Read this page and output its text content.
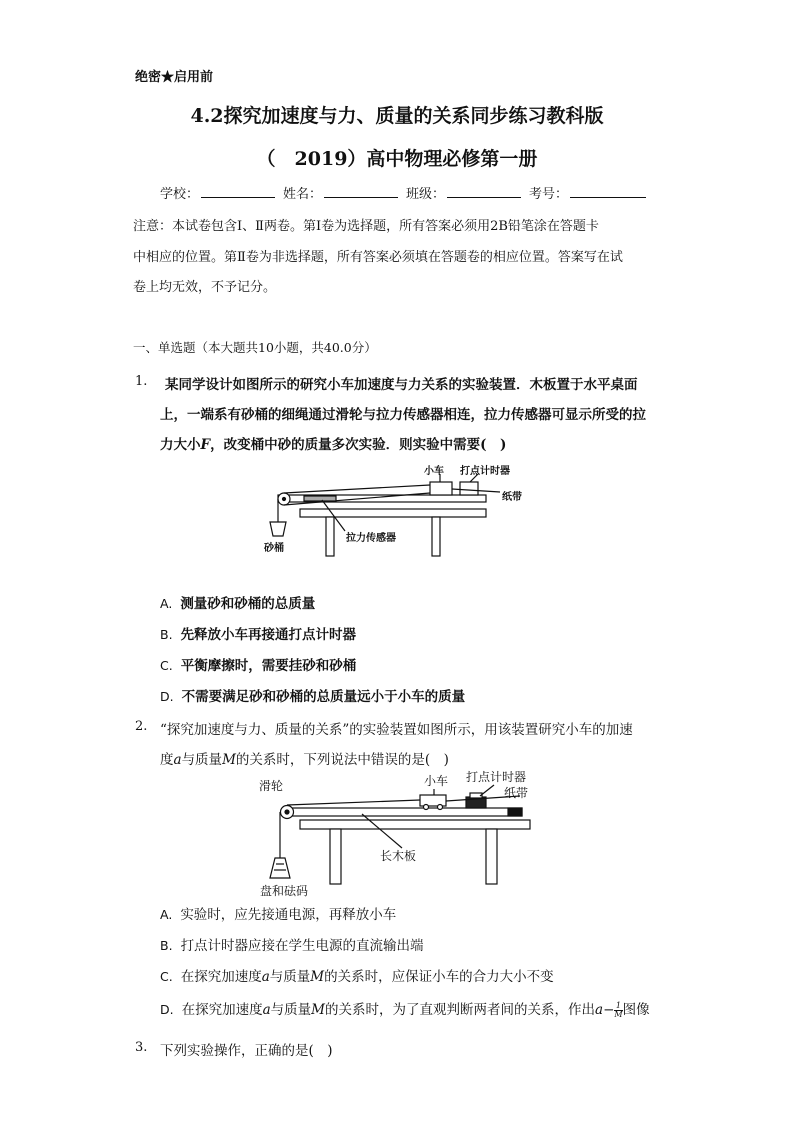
绝密★启用前
4.2探究加速度与力、质量的关系同步练习教科版
（　2019）高中物理必修第一册
学校：	姓名：	班级：	考号：
注意：本试卷包含Ⅰ、Ⅱ两卷。第Ⅰ卷为选择题，所有答案必须用2B铅笔涂在答题卡
中相应的位置。第Ⅱ卷为非选择题，所有答案必须填在答题卷的相应位置。答案写在试
卷上均无效，不予记分。
一、单选题（本大题共10小题，共40.0分）
1. 某同学设计如图所示的研究小车加速度与力关系的实验装置．木板置于水平桌面
上，一端系有砂桶的细绳通过滑轮与拉力传感器相连，拉力传感器可显示所受的拉
力大小F，改变桶中砂的质量多次实验．则实验中需要(　)
小车 打点计时器
纸带
拉力传感器
砂桶
A. 测量砂和砂桶的总质量
B. 先释放小车再接通打点计时器
C. 平衡摩擦时，需要挂砂和砂桶
D. 不需要满足砂和砂桶的总质量远小于小车的质量
2. “探究加速度与力、质量的关系”的实验装置如图所示，用该装置研究小车的加速
度a与质量M的关系时，下列说法中错误的是(　)
滑轮	小车 打点计时器
纸带
长木板
盘和砝码
A. 实验时，应先接通电源，再释放小车
B. 打点计时器应接在学生电源的直流输出端
C. 在探究加速度a与质量M的关系时，应保证小车的合力大小不变
D. 在探究加速度a与质量M的关系时，为了直观判断两者间的关系，作出$a- \frac{1}{M}$ 图像
3. 下列实验操作，正确的是(　)
